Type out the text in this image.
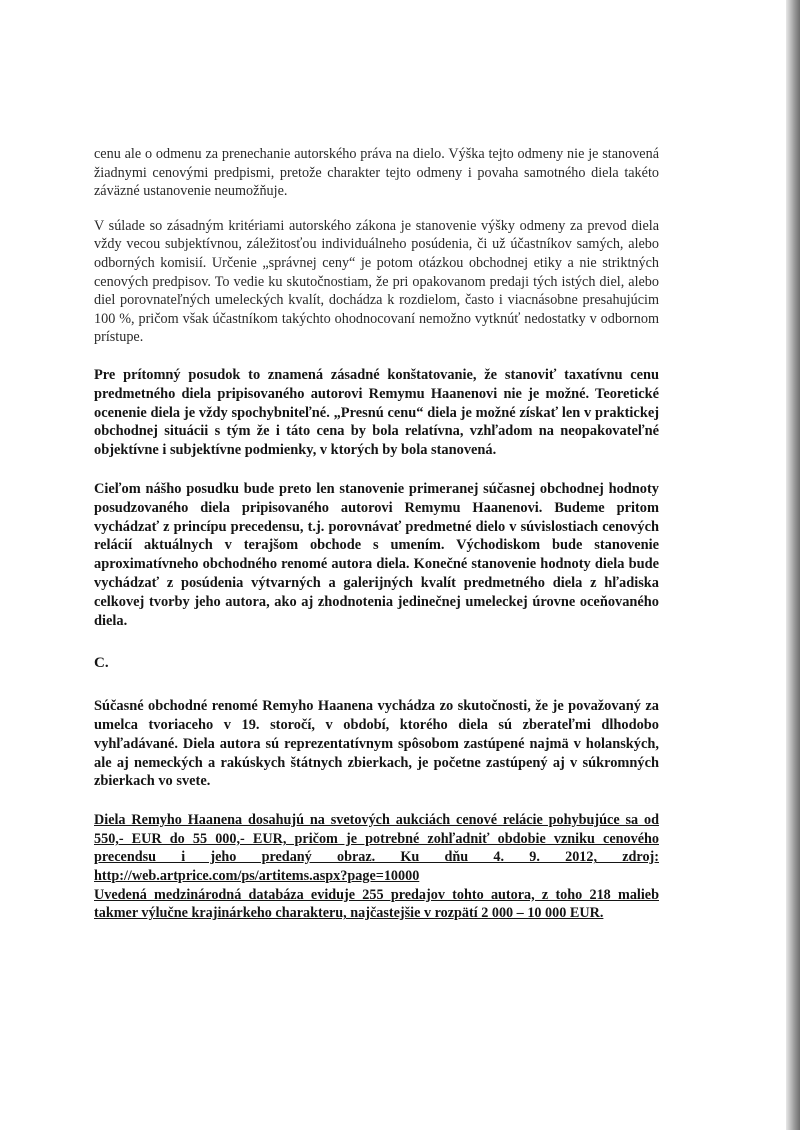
cenu ale o odmenu za prenechanie autorského práva na dielo. Výška tejto odmeny nie je stanovená žiadnymi cenovými predpismi, pretože charakter tejto odmeny i povaha samotného diela takéto záväzné ustanovenie neumožňuje.

V súlade so zásadným kritériami autorského zákona je stanovenie výšky odmeny za prevod diela vždy vecou subjektívnou, záležitosťou individuálneho posúdenia, či už účastníkov samých, alebo odborných komisií. Určenie „správnej ceny“ je potom otázkou obchodnej etiky a nie striktných cenových predpisov. To vedie ku skutočnostiam, že pri opakovanom predaji tých istých diel, alebo diel porovnateľných umeleckých kvalít, dochádza k rozdielom, často i viacnásobne presahujúcim 100 %, pričom však účastníkom takýchto ohodnocovaní nemožno vytknúť nedostatky v odbornom prístupe.

Pre prítomný posudok to znamená zásadné konštatovanie, že stanoviť taxatívnu cenu predmetného diela pripisovaného autorovi Remymu Haanenovi nie je možné. Teoretické ocenenie diela je vždy spochybniteľné. „Presnú cenu“ diela je možné získať len v praktickej obchodnej situácii s tým že i táto cena by bola relatívna, vzhľadom na neopakovateľné objektívne i subjektívne podmienky, v ktorých by bola stanovená.

Cieľom nášho posudku bude preto len stanovenie primeranej súčasnej obchodnej hodnoty posudzovaného diela pripisovaného autorovi Remymu Haanenovi. Budeme pritom vychádzať z princípu precedensu, t.j. porovnávať predmetné dielo v súvislostiach cenových relácií aktuálnych v terajšom obchode s umením. Východiskom bude stanovenie aproximatívneho obchodného renomé autora diela. Konečné stanovenie hodnoty diela bude vychádzať z posúdenia výtvarných a galerijných kvalít predmetného diela z hľadiska celkovej tvorby jeho autora, ako aj zhodnotenia jedinečnej umeleckej úrovne oceňovaného diela.

C.

Súčasné obchodné renomé Remyho Haanena vychádza zo skutočnosti, že je považovaný za umelca tvoriaceho v 19. storočí, v období, ktorého diela sú zberateľmi dlhodobo vyhľadávané. Diela autora sú reprezentatívnym spôsobom zastúpené najmä v holanských, ale aj nemeckých a rakúskych štátnych zbierkach, je početne zastúpený aj v súkromných zbierkach vo svete.

Diela Remyho Haanena dosahujú na svetových aukciách cenové relácie pohybujúce sa od 550,- EUR do 55 000,- EUR, pričom je potrebné zohľadniť obdobie vzniku cenového precendsu i jeho predaný obraz. Ku dňu 4. 9. 2012, zdroj: http://web.artprice.com/ps/artitems.aspx?page=10000

Uvedená medzinárodná databáza eviduje 255 predajov tohto autora, z toho 218 malieb takmer výlučne krajinárkeho charakteru, najčastejšie v rozpätí 2 000 – 10 000 EUR.
